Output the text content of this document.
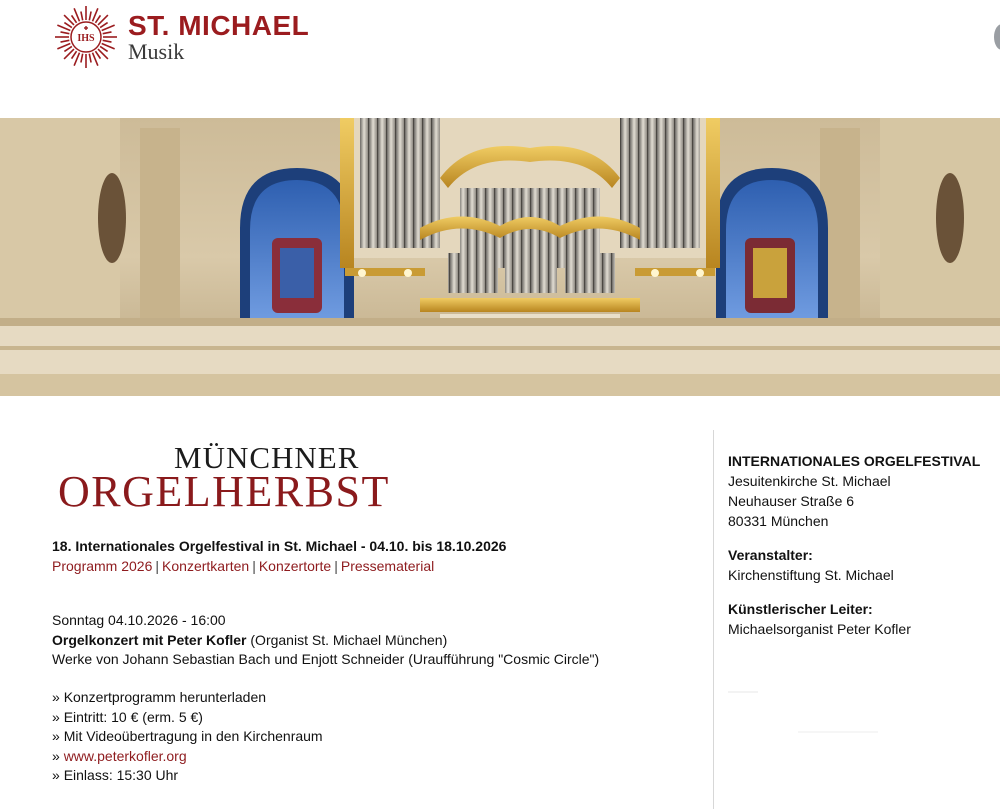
IHS ST. MICHAEL
Musik
MÜNCHNER
ORGELHERBST
18. Internationales Orgelfestival in St. Michael - 04.10. bis 18.10.2026
Programm 2026 | Konzertkarten | Konzertorte | Pressematerial
Sonntag 04.10.2026 - 16:00
Orgelkonzert mit Peter Kofler (Organist St. Michael München)
Werke von Johann Sebastian Bach und Enjott Schneider (Uraufführung "Cosmic Circle")
» Konzertprogramm herunterladen
» Eintritt: 10 € (erm. 5 €)
» Mit Videoübertragung in den Kirchenraum
» www.peterkofler.org
» Einlass: 15:30 Uhr
INTERNATIONALES ORGELFESTIVAL
Jesuitenkirche St. Michael
Neuhauser Straße 6
80331 München
Veranstalter:
Kirchenstiftung St. Michael
Künstlerischer Leiter:
Michaelsorganist Peter Kofler
